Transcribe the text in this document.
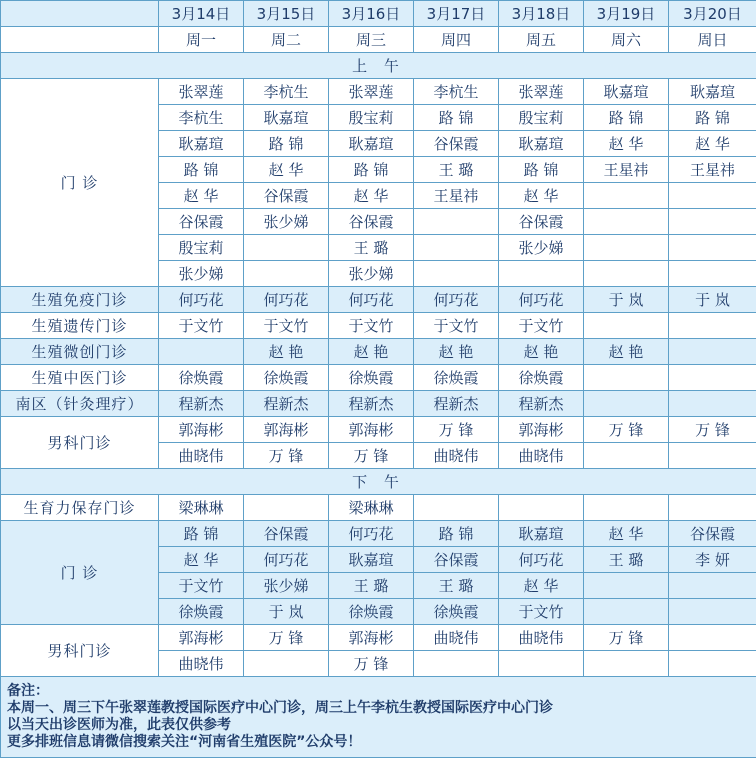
	3月14日	3月15日	3月16日	3月17日	3月18日	3月19日	3月20日
	周一	周二	周三	周四	周五	周六	周日
上 午							
门 诊	张翠莲	李杭生	张翠莲	李杭生	张翠莲	耿嘉瑄	耿嘉瑄
	李杭生	耿嘉瑄	殷宝莉	路 锦	殷宝莉	路 锦	路 锦
	耿嘉瑄	路 锦	耿嘉瑄	谷保霞	耿嘉瑄	赵 华	赵 华
	路 锦	赵 华	路 锦	王 璐	路 锦	王星祎	王星祎
	赵 华	谷保霞	赵 华	王星祎	赵 华		
	谷保霞	张少娣	谷保霞		谷保霞		
	殷宝莉		王 璐		张少娣		
	张少娣		张少娣				
生殖免疫门诊	何巧花	何巧花	何巧花	何巧花	何巧花	于 岚	于 岚
生殖遗传门诊	于文竹	于文竹	于文竹	于文竹	于文竹		
生殖微创门诊		赵 艳	赵 艳	赵 艳	赵 艳	赵 艳	
生殖中医门诊	徐焕霞	徐焕霞	徐焕霞	徐焕霞	徐焕霞		
南区（针灸理疗）	程新杰	程新杰	程新杰	程新杰	程新杰		
男科门诊	郭海彬	郭海彬	郭海彬	万 锋	郭海彬	万 锋	万 锋
	曲晓伟	万 锋	万 锋	曲晓伟	曲晓伟		
下 午							
生育力保存门诊	梁琳琳		梁琳琳				
门 诊	路 锦	谷保霞	何巧花	路 锦	耿嘉瑄	赵 华	谷保霞
	赵 华	何巧花	耿嘉瑄	谷保霞	何巧花	王 璐	李 妍
	于文竹	张少娣	王 璐	王 璐	赵 华		
	徐焕霞	于 岚	徐焕霞	徐焕霞	于文竹		
男科门诊	郭海彬	万 锋	郭海彬	曲晓伟	曲晓伟	万 锋	
	曲晓伟		万 锋				

备注：
本周一、周三下午张翠莲教授国际医疗中心门诊，周三上午李杭生教授国际医疗中心门诊
以当天出诊医师为准，此表仅供参考
更多排班信息请微信搜索关注“河南省生殖医院”公众号！							
